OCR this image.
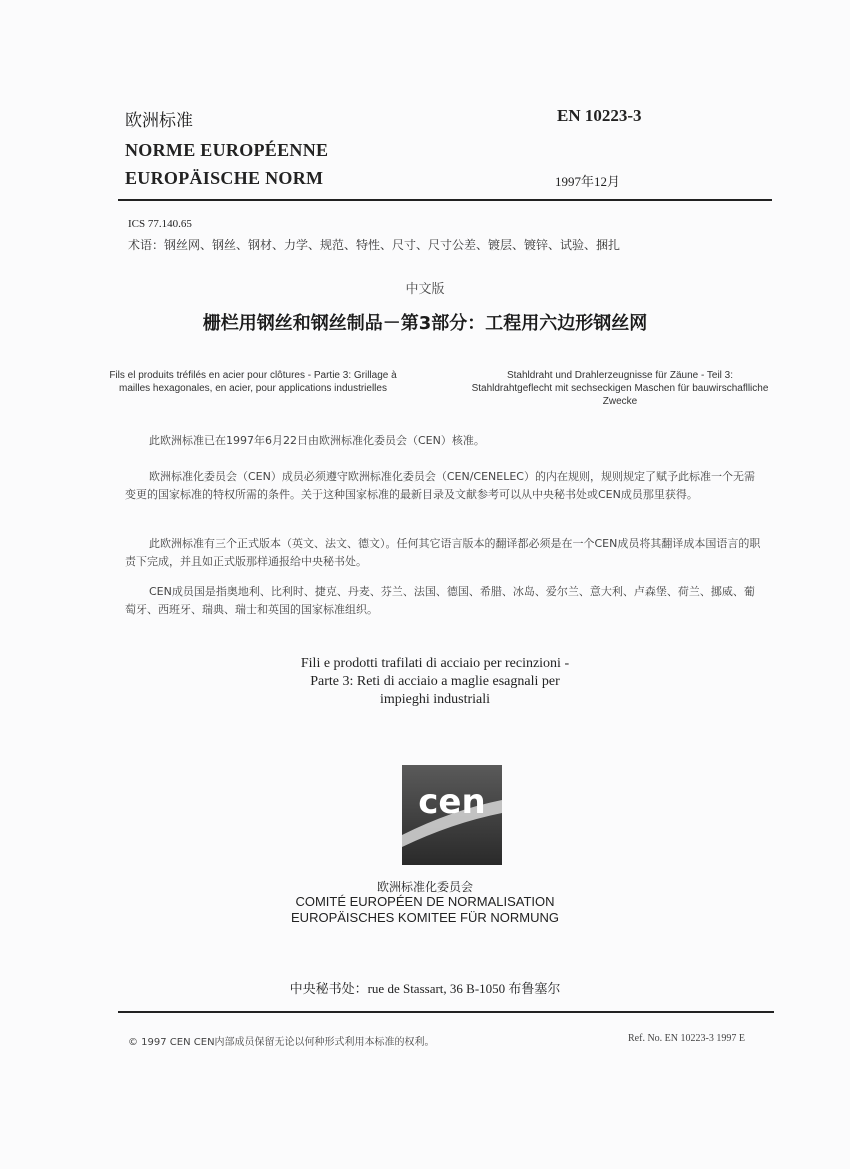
欧洲标准
NORME EUROPÉENNE
EUROPÄISCHE NORM
EN 10223-3
1997年12月
ICS 77.140.65
术语：钢丝网、钢丝、钢材、力学、规范、特性、尺寸、尺寸公差、镀层、镀锌、试验、捆扎
中文版
栅栏用钢丝和钢丝制品－第3部分：工程用六边形钢丝网
Fils el produits tréfilés en acier pour clôtures - Partie 3: Grillage à mailles hexagonales, en acier, pour applications industrielles
Stahldraht und Drahlerzeugnisse für Zäune - Teil 3: Stahldrahtgeflecht mit sechseckigen Maschen für bauwirschaflliche Zwecke
此欧洲标准已在1997年6月22日由欧洲标准化委员会（CEN）核准。
欧洲标准化委员会（CEN）成员必须遵守欧洲标准化委员会（CEN/CENELEC）的内在规则，规则规定了赋予此标准一个无需变更的国家标准的特权所需的条件。关于这种国家标准的最新目录及文献参考可以从中央秘书处或CEN成员那里获得。
此欧洲标准有三个正式版本（英文、法文、德文）。任何其它语言版本的翻译都必须是在一个CEN成员将其翻译成本国语言的职责下完成，并且如正式版那样通报给中央秘书处。
CEN成员国是指奥地利、比利时、捷克、丹麦、芬兰、法国、德国、希腊、冰岛、爱尔兰、意大利、卢森堡、荷兰、挪威、葡萄牙、西班牙、瑞典、瑞士和英国的国家标准组织。
Fili e prodotti trafilati di acciaio per recinzioni - Parte 3: Reti di acciaio a maglie esagnali per impieghi industriali
cen
欧洲标准化委员会
COMITÉ EUROPÉEN DE NORMALISATION
EUROPÄISCHES KOMITEE FÜR NORMUNG
中央秘书处：rue de Stassart, 36 B-1050 布鲁塞尔
© 1997 CEN CEN内部成员保留无论以何种形式利用本标准的权利。	Ref. No. EN 10223-3 1997 E
